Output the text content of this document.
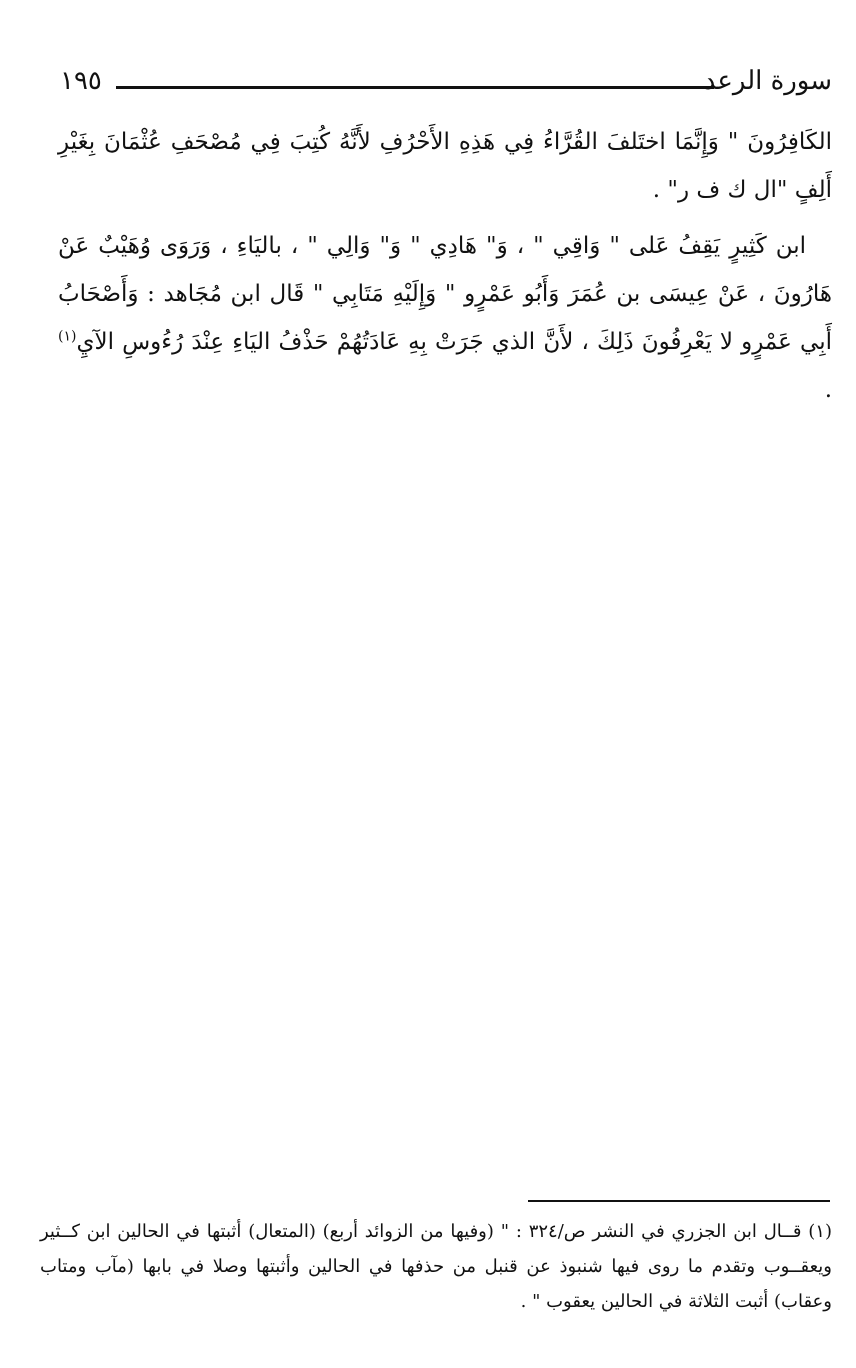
١٩٥	سورة الرعد

الكَافِرُونَ " وَإِنَّمَا اختَلفَ القُرَّاءُ فِي هَذِهِ الأَحْرُفِ لأَنَّهُ كُتِبَ فِي مُصْحَفِ عُثْمَانَ بِغَيْرِ أَلِفٍ "ال ك ف ر" .

ابن كَثِيرٍ يَقِفُ عَلى " وَاقِي " ، وَ" هَادِي " وَ" وَالِي " ، باليَاءِ ، وَرَوَى وُهَيْبٌ عَنْ هَارُونَ ، عَنْ عِيسَى بن عُمَرَ وَأَبُو عَمْرٍو " وَإِلَيْهِ مَتَابِي " قَال ابن مُجَاهد : وَأَصْحَابُ أَبِي عَمْرٍو لا يَعْرِفُونَ ذَلِكَ ، لأَنَّ الذي جَرَتْ بِهِ عَادَتُهُمْ حَذْفُ اليَاءِ عِنْدَ رُءُوسِ الآيِ$^{(١)}$ .

(١) قــال ابن الجزري في النشر ص/٣٢٤ : " (وفيها من الزوائد أربع) (المتعال) أثبتها في الحالين ابن كــثير ويعقــوب وتقدم ما روى فيها شنبوذ عن قنبل من حذفها في الحالين وأثبتها وصلا في بابها (مآب ومتاب وعقاب) أثبت الثلاثة في الحالين يعقوب " .
